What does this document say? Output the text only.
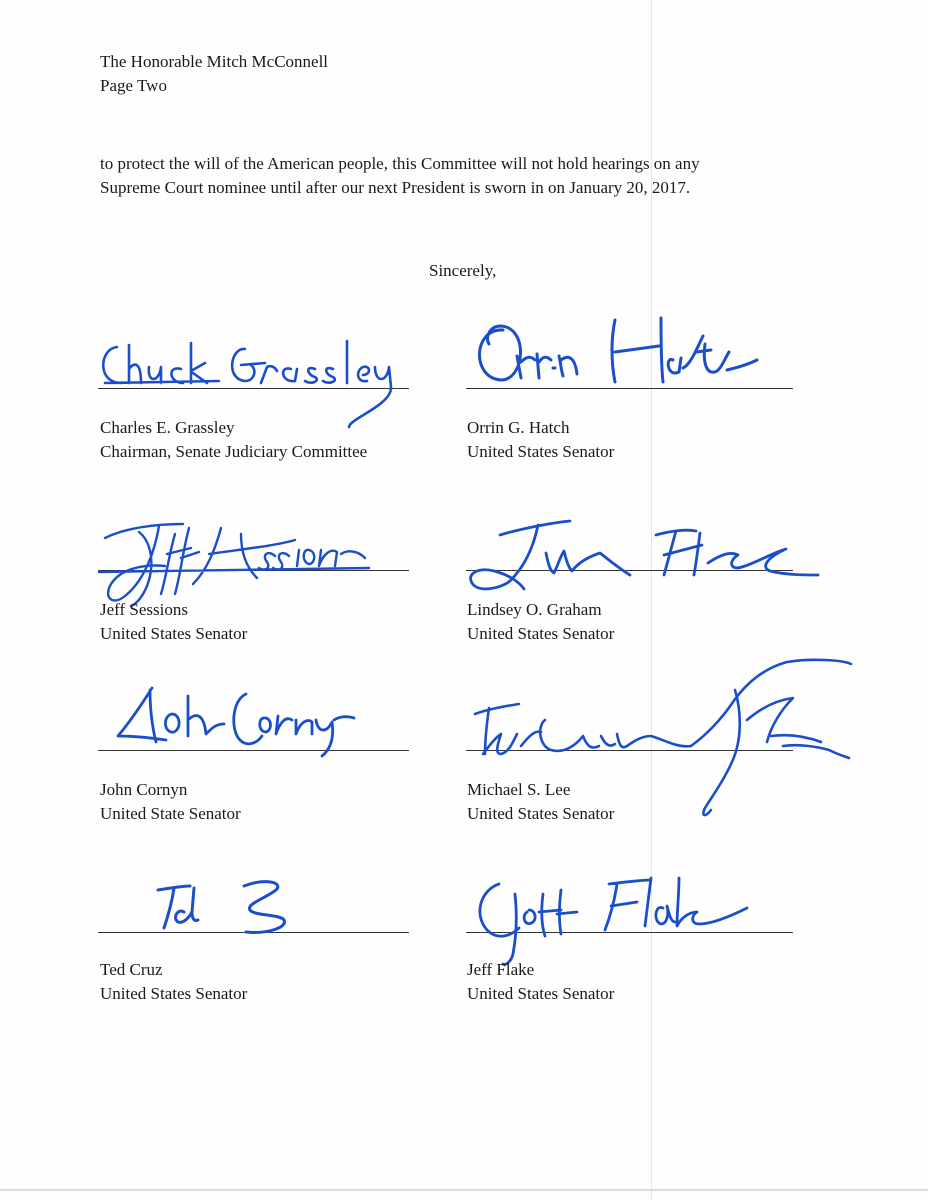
The Honorable Mitch McConnell
Page Two
to protect the will of the American people, this Committee will not hold hearings on any
Supreme Court nominee until after our next President is sworn in on January 20, 2017.
Sincerely,
Charles E. Grassley
Chairman, Senate Judiciary Committee
Orrin G. Hatch
United States Senator
Jeff Sessions
United States Senator
Lindsey O. Graham
United States Senator
John Cornyn
United State Senator
Michael S. Lee
United States Senator
Ted Cruz
United States Senator
Jeff Flake
United States Senator
